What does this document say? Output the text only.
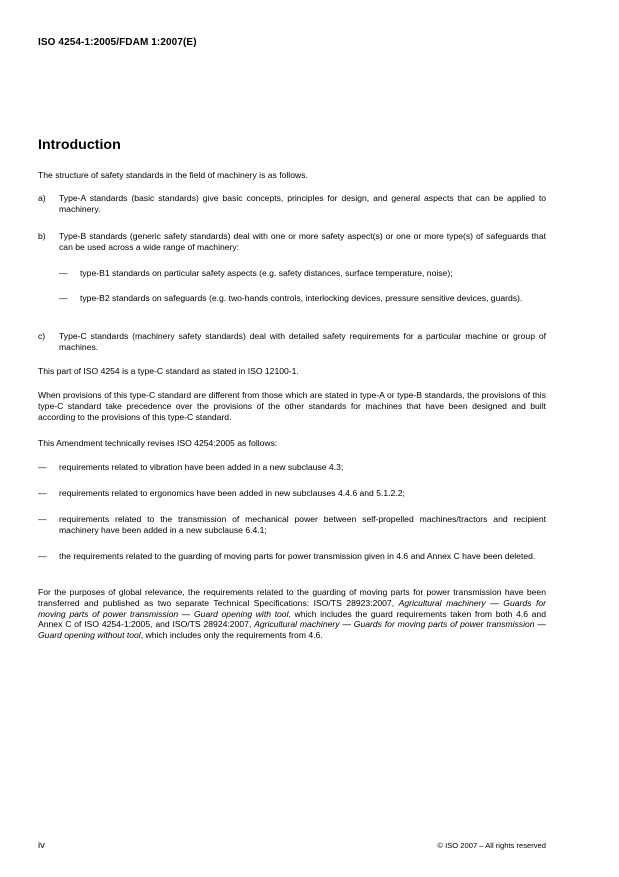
ISO 4254-1:2005/FDAM 1:2007(E)
Introduction
The structure of safety standards in the field of machinery is as follows.
a) Type-A standards (basic standards) give basic concepts, principles for design, and general aspects that can be applied to machinery.
b) Type-B standards (generic safety standards) deal with one or more safety aspect(s) or one or more type(s) of safeguards that can be used across a wide range of machinery:
— type-B1 standards on particular safety aspects (e.g. safety distances, surface temperature, noise);
— type-B2 standards on safeguards (e.g. two-hands controls, interlocking devices, pressure sensitive devices, guards).
c) Type-C standards (machinery safety standards) deal with detailed safety requirements for a particular machine or group of machines.
This part of ISO 4254 is a type-C standard as stated in ISO 12100-1.
When provisions of this type-C standard are different from those which are stated in type-A or type-B standards, the provisions of this type-C standard take precedence over the provisions of the other standards for machines that have been designed and built according to the provisions of this type-C standard.
This Amendment technically revises ISO 4254:2005 as follows:
— requirements related to vibration have been added in a new subclause 4.3;
— requirements related to ergonomics have been added in new subclauses 4.4.6 and 5.1.2.2;
— requirements related to the transmission of mechanical power between self-propelled machines/tractors and recipient machinery have been added in a new subclause 6.4.1;
— the requirements related to the guarding of moving parts for power transmission given in 4.6 and Annex C have been deleted.
For the purposes of global relevance, the requirements related to the guarding of moving parts for power transmission have been transferred and published as two separate Technical Specifications: ISO/TS 28923:2007, Agricultural machinery — Guards for moving parts of power transmission — Guard opening with tool, which includes the guard requirements taken from both 4.6 and Annex C of ISO 4254-1:2005, and ISO/TS 28924:2007, Agricultural machinery — Guards for moving parts of power transmission — Guard opening without tool, which includes only the requirements from 4.6.
iv	© ISO 2007 – All rights reserved
